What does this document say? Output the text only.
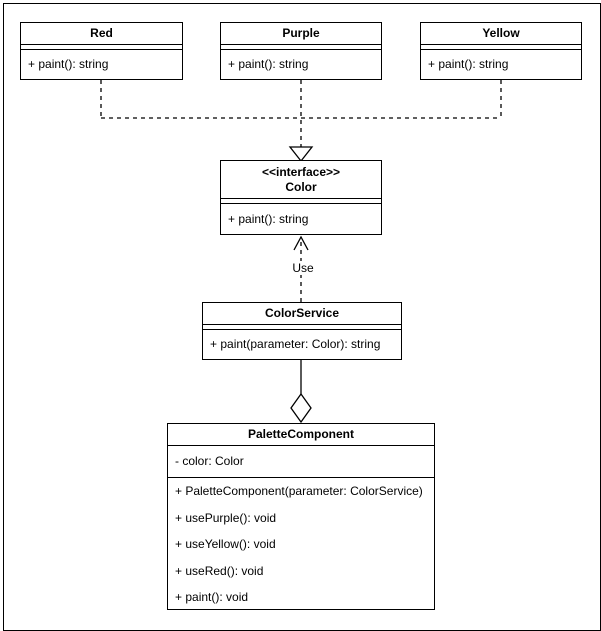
Red
+ paint(): string
Purple
+ paint(): string
Yellow
+ paint(): string
<<interface>>
Color
+ paint(): string
Use
ColorService
+ paint(parameter: Color): string
PaletteComponent
- color: Color
+ PaletteComponent(parameter: ColorService)
+ usePurple(): void
+ useYellow(): void
+ useRed(): void
+ paint(): void
